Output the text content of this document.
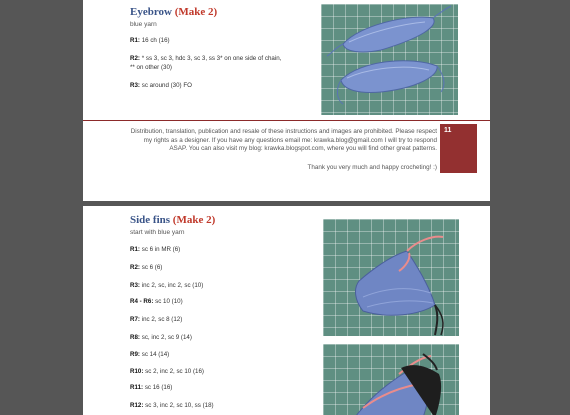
Eyebrow (Make 2)
blue yarn
R1: 16 ch (16)
R2: * ss 3, sc 3, hdc 3, sc 3, ss 3* on one side of chain,
** on other (30)
R3: sc around (30) FO
Distribution, translation, publication and resale of these instructions and images are prohibited. Please respect
my rights as a designer. If you have any questions email me: krawka.blog@gmail.com I will try to respond
ASAP. You can also visit my blog: krawka.blogspot.com, where you will find other great patterns.
Thank you very much and happy crocheting! :)
11
Side fins (Make 2)
start with blue yarn
R1: sc 6 in MR (6)
R2: sc 6 (6)
R3: inc 2, sc, inc 2, sc (10)
R4 - R6: sc 10 (10)
R7: inc 2, sc 8 (12)
R8: sc, inc 2, sc 9 (14)
R9: sc 14 (14)
R10: sc 2, inc 2, sc 10 (16)
R11: sc 16 (16)
R12: sc 3, inc 2, sc 10, ss (18)
